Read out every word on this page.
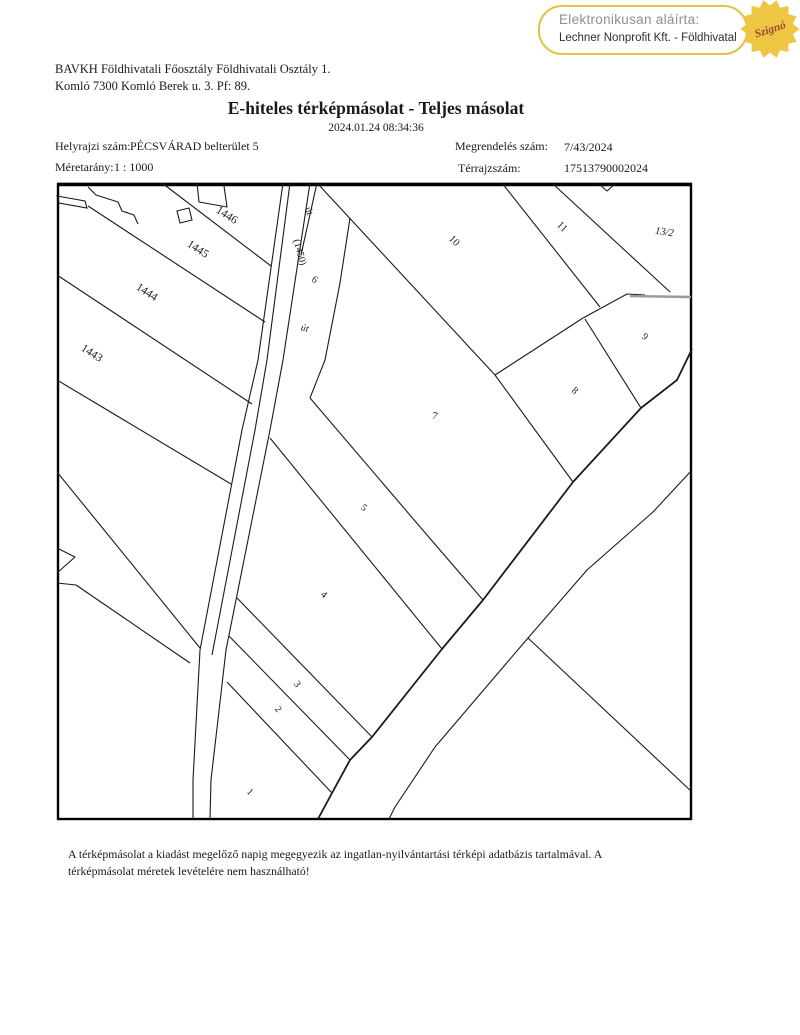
Elektronikusan aláírta:
Lechner Nonprofit Kft. - Földhivatal Szignó
BAVKH Földhivatali Főosztály Földhivatali Osztály 1.
Komló 7300 Komló Berek u. 3. Pf: 89.
E-hiteles térképmásolat - Teljes másolat
2024.01.24 08:34:36
Helyrajzi szám: PÉCSVÁRAD belterület 5	Megrendelés szám: 7/43/2024
Méretarány: 1 : 1000	Térrajzszám:	17513790002024
1446
1445
1444
1443
út
(1450)
6
út
10
11	13/2
9
8
7
5
4
3
2
1
A térképmásolat a kiadást megelőző napig megegyezik az ingatlan-nyilvántartási térképi adatbázis tartalmával. A térképmásolat méretek levételére nem használható!
